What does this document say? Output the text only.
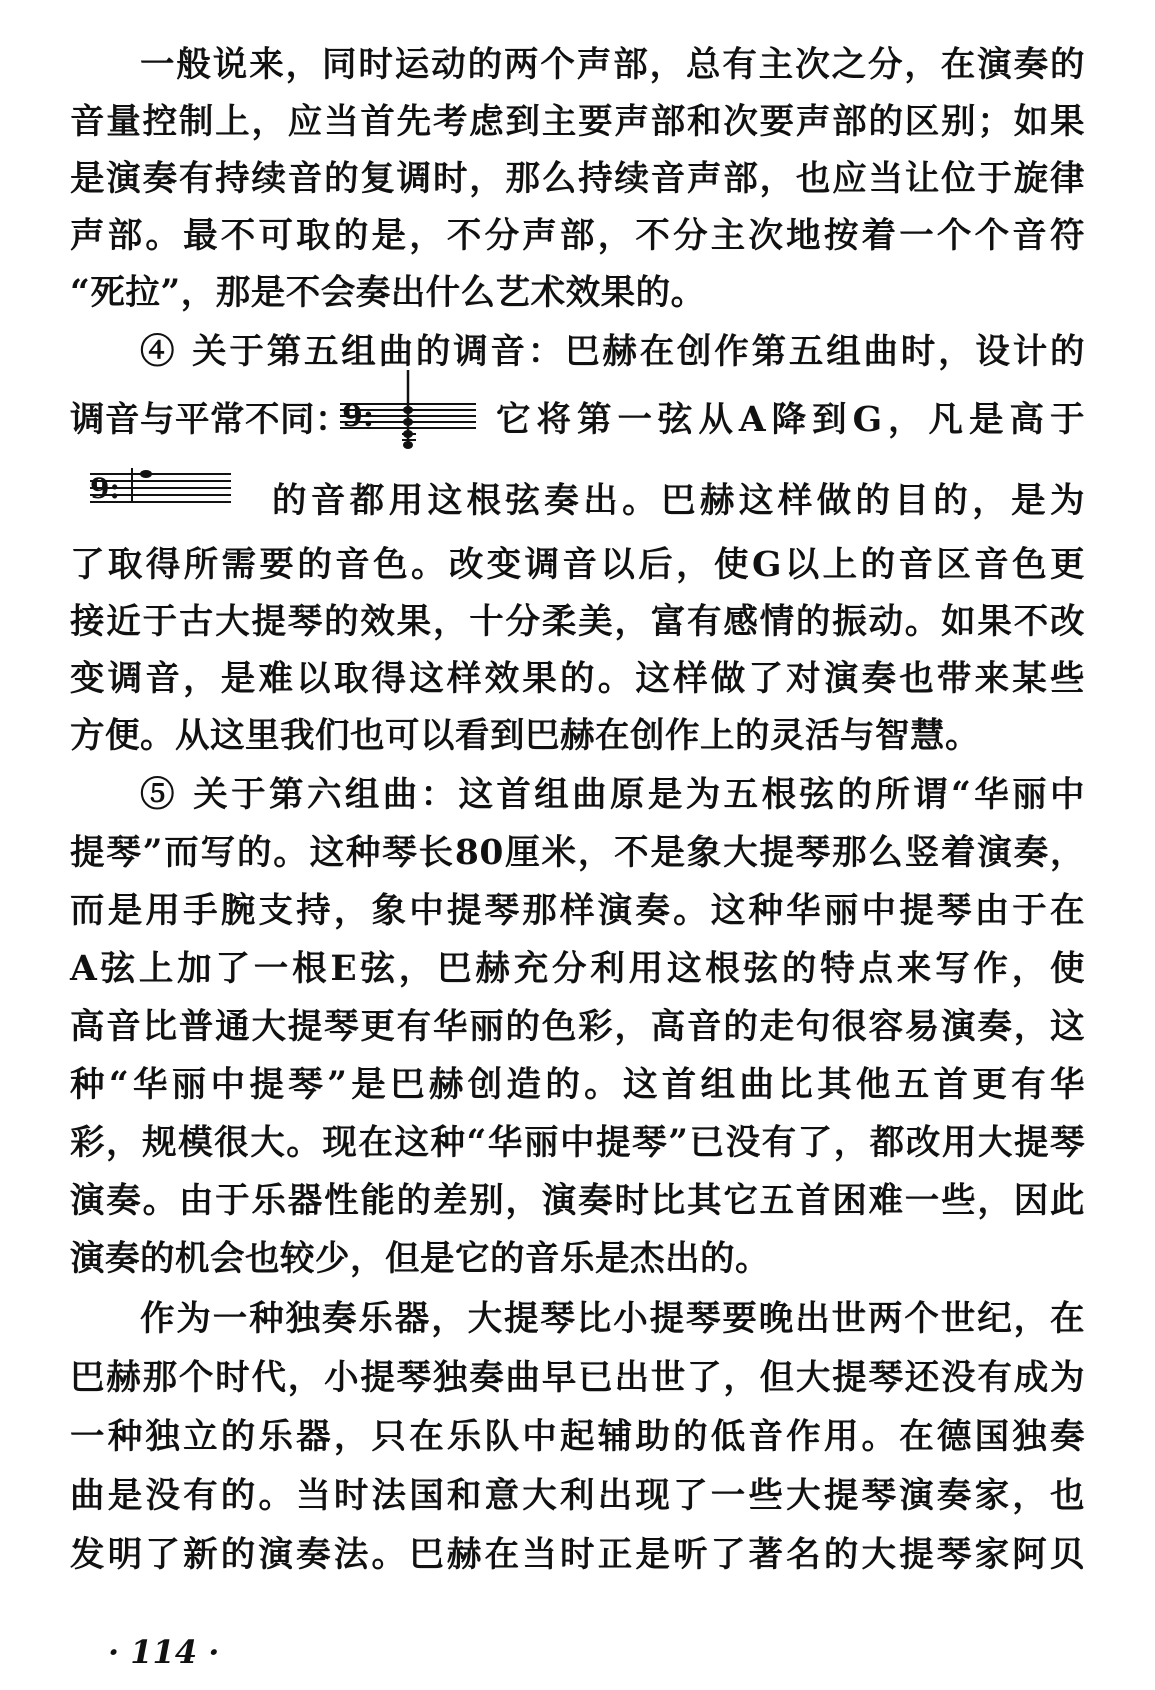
一般说来，同时运动的两个声部，总有主次之分，在演奏的
音量控制上，应当首先考虑到主要声部和次要声部的区别；如果
是演奏有持续音的复调时，那么持续音声部，也应当让位于旋律
声部。最不可取的是，不分声部，不分主次地按着一个个音符
“死拉”，那是不会奏出什么艺术效果的。
④ 关于第五组曲的调音：巴赫在创作第五组曲时，设计的
调音与平常不同：
9:	它将第一弦从A降到G，凡是高于
9:	的音都用这根弦奏出。巴赫这样做的目的，是为
了取得所需要的音色。改变调音以后，使G以上的音区音色更
接近于古大提琴的效果，十分柔美，富有感情的振动。如果不改
变调音，是难以取得这样效果的。这样做了对演奏也带来某些
方便。从这里我们也可以看到巴赫在创作上的灵活与智慧。
⑤ 关于第六组曲：这首组曲原是为五根弦的所谓“华丽中
提琴”而写的。这种琴长80厘米，不是象大提琴那么竖着演奏，
而是用手腕支持，象中提琴那样演奏。这种华丽中提琴由于在
A弦上加了一根E弦，巴赫充分利用这根弦的特点来写作，使
高音比普通大提琴更有华丽的色彩，高音的走句很容易演奏，这
种“华丽中提琴”是巴赫创造的。这首组曲比其他五首更有华
彩，规模很大。现在这种“华丽中提琴”已没有了，都改用大提琴
演奏。由于乐器性能的差别，演奏时比其它五首困难一些，因此
演奏的机会也较少，但是它的音乐是杰出的。
作为一种独奏乐器，大提琴比小提琴要晚出世两个世纪，在
巴赫那个时代，小提琴独奏曲早已出世了，但大提琴还没有成为
一种独立的乐器，只在乐队中起辅助的低音作用。在德国独奏
曲是没有的。当时法国和意大利出现了一些大提琴演奏家，也
发明了新的演奏法。巴赫在当时正是听了著名的大提琴家阿贝
· 114 ·
